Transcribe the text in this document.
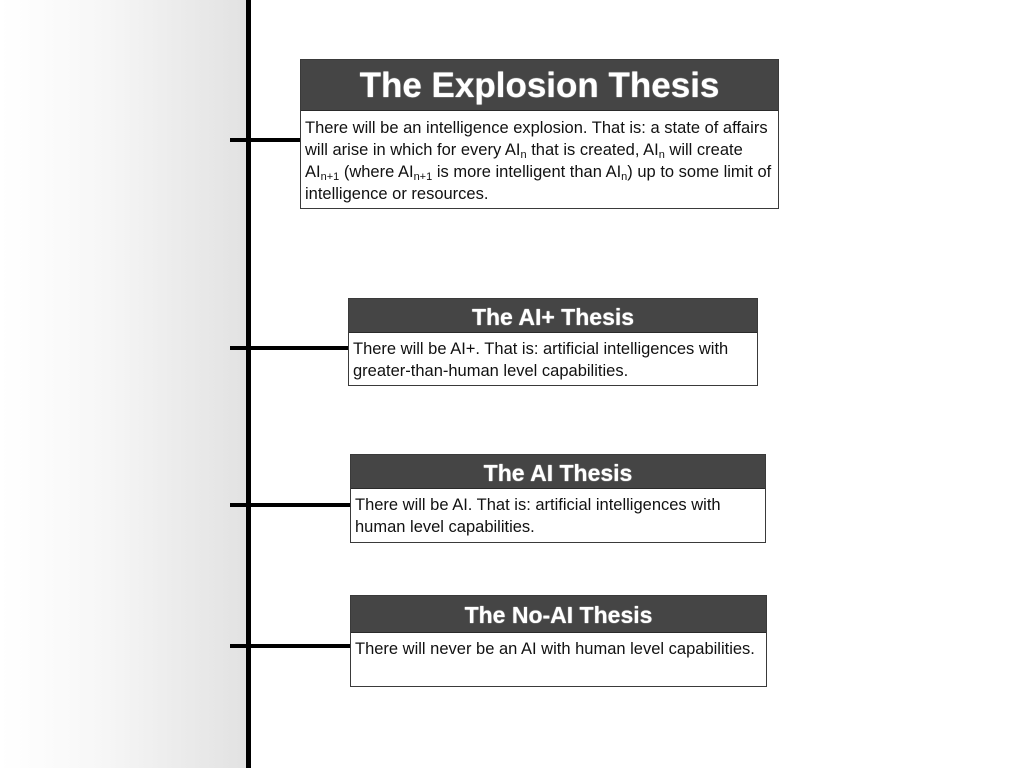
The Explosion Thesis
There will be an intelligence explosion. That is: a state of affairs will arise in which for every $AI_n$ that is created, $AI_n$ will create $AI_{n+1}$ (where $AI_{n+1}$ is more intelligent than $AI_n$) up to some limit of intelligence or resources.
The AI+ Thesis
There will be AI+. That is: artificial intelligences with greater-than-human level capabilities.
The AI Thesis
There will be AI. That is: artificial intelligences with human level capabilities.
The No-AI Thesis
There will never be an AI with human level capabilities.
